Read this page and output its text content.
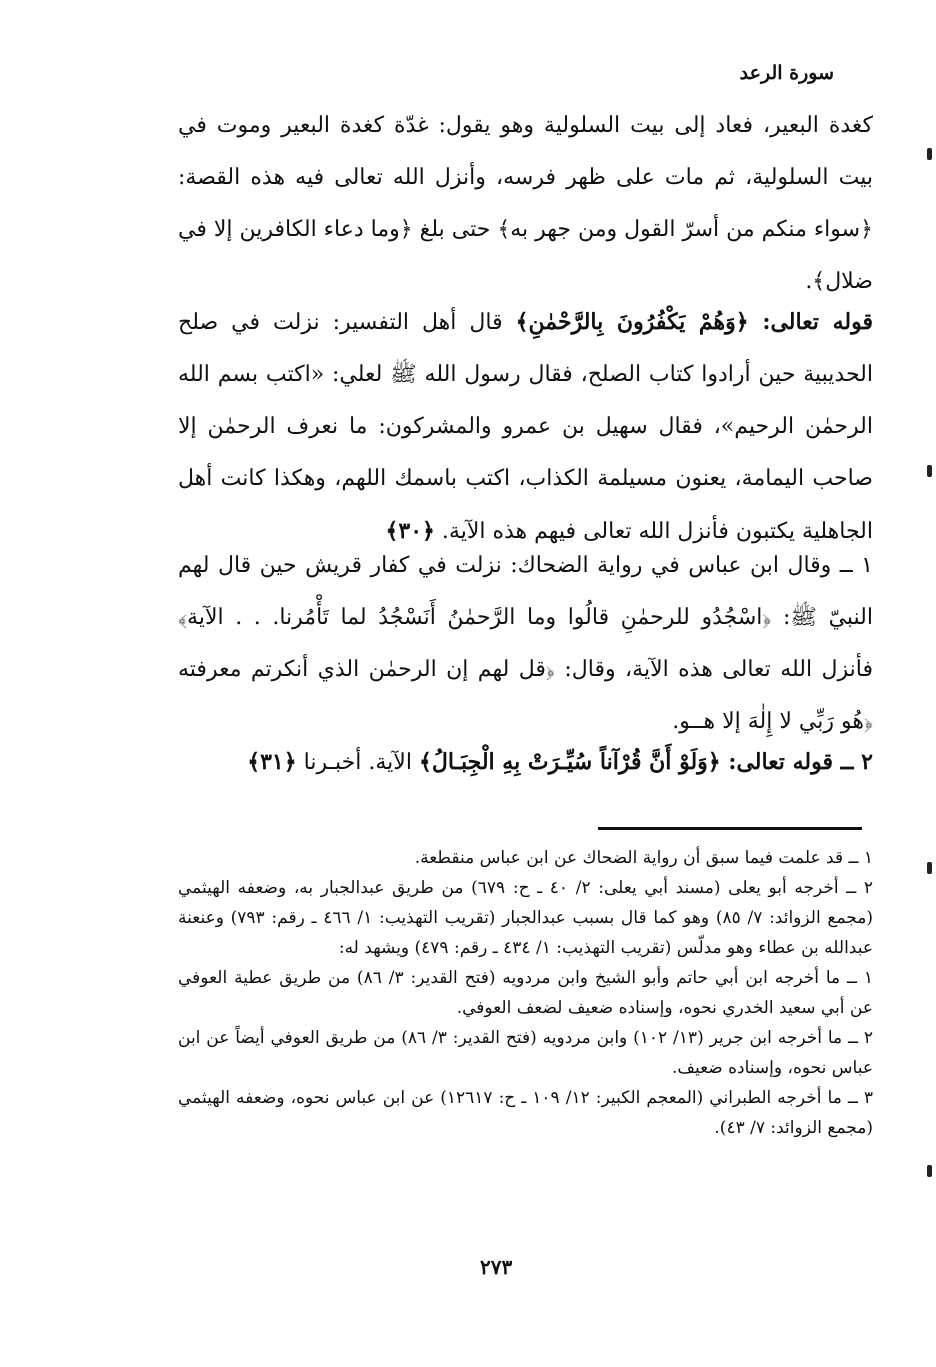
سورة الرعد

كغدة البعير، فعاد إلى بيت السلولية وهو يقول: غدّة كغدة البعير وموت في بيت السلولية، ثم مات على ظهر فرسه، وأنزل الله تعالى فيه هذه القصة: ﴿سواء منكم من أسرّ القول ومن جهر به﴾ حتى بلغ ﴿وما دعاء الكافرين إلا في ضلال﴾.

قوله تعالى: ﴿وَهُمْ يَكْفُرُونَ بِالرَّحْمٰنِ﴾ قال أهل التفسير: نزلت في صلح الحديبية حين أرادوا كتاب الصلح، فقال رسول الله ﷺ لعلي: «اكتب بسم الله الرحمٰن الرحيم»، فقال سهيل بن عمرو والمشركون: ما نعرف الرحمٰن إلا صاحب اليمامة، يعنون مسيلمة الكذاب، اكتب باسمك اللهم، وهكذا كانت أهل الجاهلية يكتبون فأنزل الله تعالى فيهم هذه الآية. ﴿٣٠﴾

١ ــ وقال ابن عباس في رواية الضحاك: نزلت في كفار قريش حين قال لهم النبيّ ﷺ: ﴿اسْجُدُو للرحمٰنِ قالُوا وما الرَّحمٰنُ أَنَسْجُدُ لما تَأْمُرنا. . . الآية﴾ فأنزل الله تعالى هذه الآية، وقال: ﴿قل لهم إن الرحمٰن الذي أنكرتم معرفته ﴿هُو رَبِّي لا إِلٰهَ إلا هــو.

٢ ــ قوله تعالى: ﴿وَلَوْ أَنَّ قُرْآناً سُيِّـرَتْ بِهِ الْجِبَـالُ﴾ الآية. أخبـرنا ﴿٣١﴾

١ ــ قد علمت فيما سبق أن رواية الضحاك عن ابن عباس منقطعة.

٢ ــ أخرجه أبو يعلى (مسند أبي يعلى: ٢/ ٤٠ ـ ح: ٦٧٩) من طريق عبدالجبار به، وضعفه الهيثمي (مجمع الزوائد: ٧/ ٨٥) وهو كما قال بسبب عبدالجبار (تقريب التهذيب: ١/ ٤٦٦ ـ رقم: ٧٩٣) وعنعنة عبدالله بن عطاء وهو مدلّس (تقريب التهذيب: ١/ ٤٣٤ ـ رقم: ٤٧٩) ويشهد له:

١ ــ ما أخرجه ابن أبي حاتم وأبو الشيخ وابن مردويه (فتح القدير: ٣/ ٨٦) من طريق عطية العوفي عن أبي سعيد الخدري نحوه، وإسناده ضعيف لضعف العوفي.

٢ ــ ما أخرجه ابن جرير (١٣/ ١٠٢) وابن مردويه (فتح القدير: ٣/ ٨٦) من طريق العوفي أيضاً عن ابن عباس نحوه، وإسناده ضعيف.

٣ ــ ما أخرجه الطبراني (المعجم الكبير: ١٢/ ١٠٩ ـ ح: ١٢٦١٧) عن ابن عباس نحوه، وضعفه الهيثمي (مجمع الزوائد: ٧/ ٤٣).

٢٧٣
